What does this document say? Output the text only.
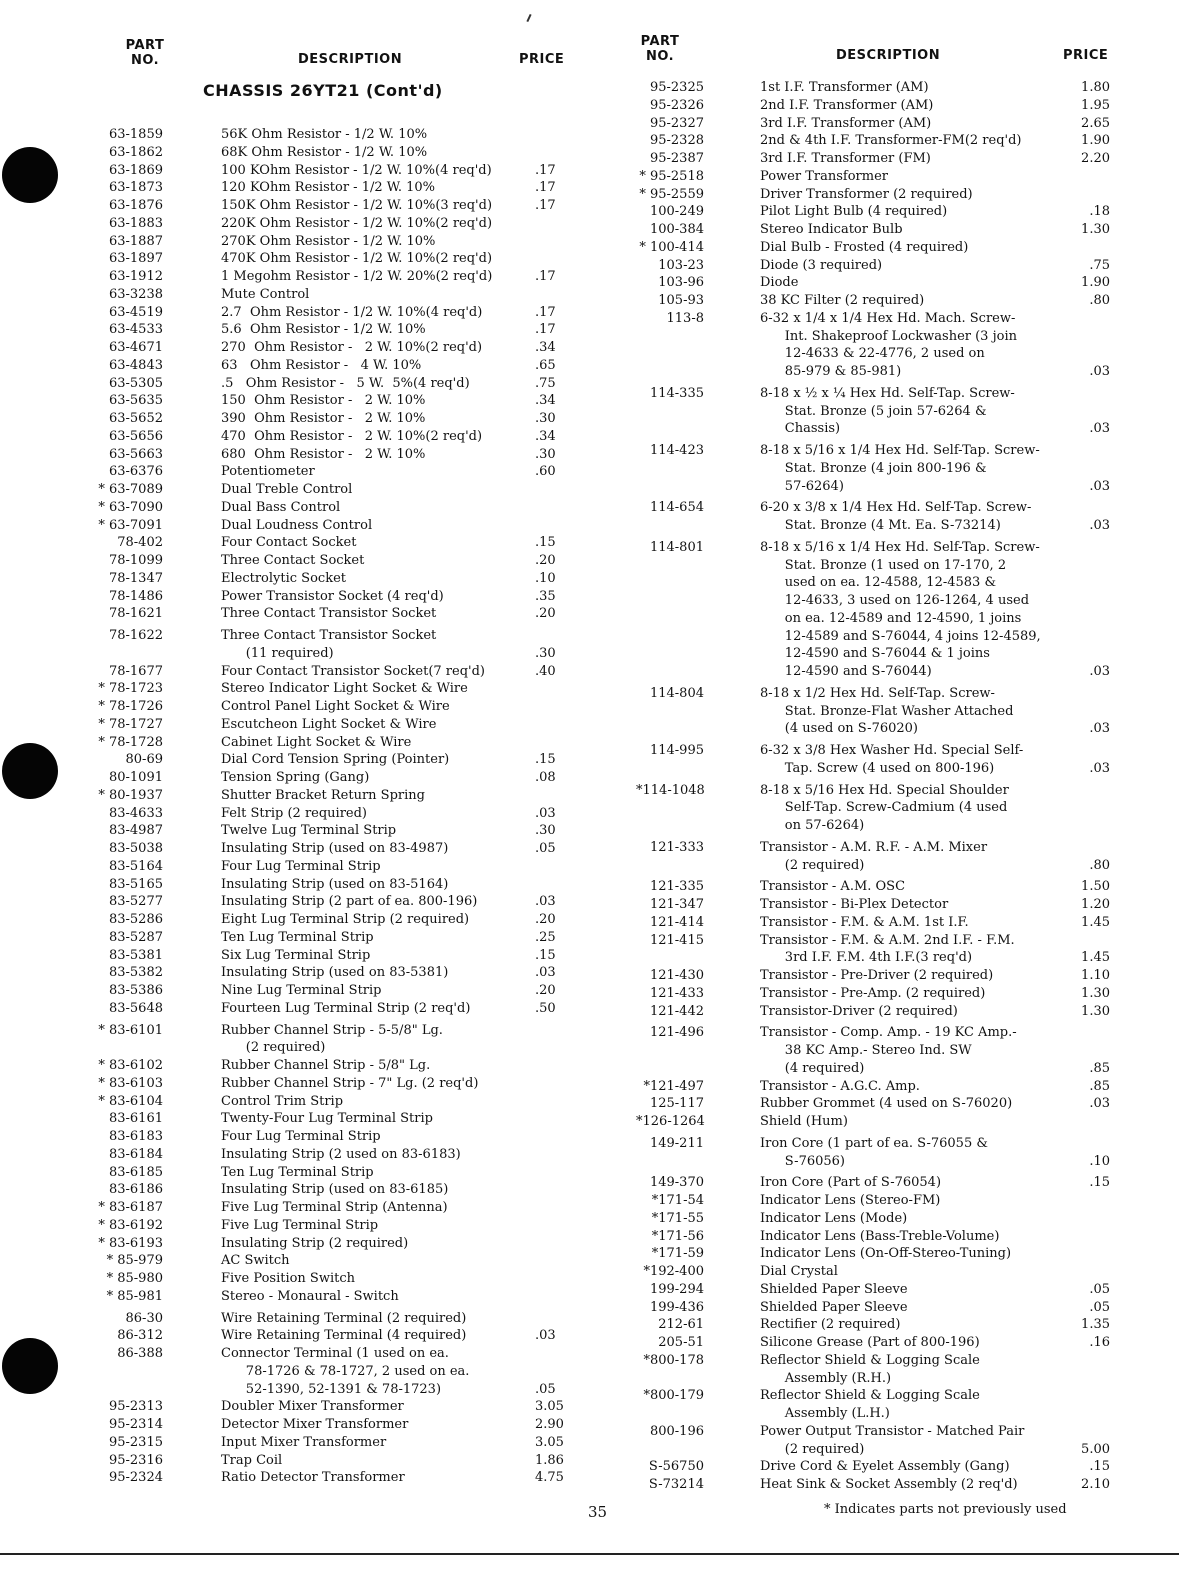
PART
NO.	DESCRIPTION	PRICE
CHASSIS 26YT21 (Cont'd)
63-1859	56K Ohm Resistor - 1/2 W. 10%
63-1862	68K Ohm Resistor - 1/2 W. 10%
63-1869	100 KOhm Resistor - 1/2 W. 10%(4 req'd)	.17
63-1873	120 KOhm Resistor - 1/2 W. 10%	.17
63-1876	150K Ohm Resistor - 1/2 W. 10%(3 req'd)	.17
63-1883	220K Ohm Resistor - 1/2 W. 10%(2 req'd)
63-1887	270K Ohm Resistor - 1/2 W. 10%
63-1897	470K Ohm Resistor - 1/2 W. 10%(2 req'd)
63-1912	1 Megohm Resistor - 1/2 W. 20%(2 req'd)	.17
63-3238	Mute Control
63-4519	2.7  Ohm Resistor - 1/2 W. 10%(4 req'd)	.17
63-4533	5.6  Ohm Resistor - 1/2 W. 10%	.17
63-4671	270  Ohm Resistor -   2 W. 10%(2 req'd)	.34
63-4843	63   Ohm Resistor -   4 W. 10%	.65
63-5305	.5   Ohm Resistor -   5 W.  5%(4 req'd)	.75
63-5635	150  Ohm Resistor -   2 W. 10%	.34
63-5652	390  Ohm Resistor -   2 W. 10%	.30
63-5656	470  Ohm Resistor -   2 W. 10%(2 req'd)	.34
63-5663	680  Ohm Resistor -   2 W. 10%	.30
63-6376	Potentiometer	.60
* 63-7089	Dual Treble Control
* 63-7090	Dual Bass Control
* 63-7091	Dual Loudness Control
78-402	Four Contact Socket	.15
78-1099	Three Contact Socket	.20
78-1347	Electrolytic Socket	.10
78-1486	Power Transistor Socket (4 req'd)	.35
78-1621	Three Contact Transistor Socket	.20
78-1622	Three Contact Transistor Socket
(11 required)	.30
78-1677	Four Contact Transistor Socket(7 req'd)	.40
* 78-1723	Stereo Indicator Light Socket & Wire
* 78-1726	Control Panel Light Socket & Wire
* 78-1727	Escutcheon Light Socket & Wire
* 78-1728	Cabinet Light Socket & Wire
80-69	Dial Cord Tension Spring (Pointer)	.15
80-1091	Tension Spring (Gang)	.08
* 80-1937	Shutter Bracket Return Spring
83-4633	Felt Strip (2 required)	.03
83-4987	Twelve Lug Terminal Strip	.30
83-5038	Insulating Strip (used on 83-4987)	.05
83-5164	Four Lug Terminal Strip
83-5165	Insulating Strip (used on 83-5164)
83-5277	Insulating Strip (2 part of ea. 800-196)	.03
83-5286	Eight Lug Terminal Strip (2 required)	.20
83-5287	Ten Lug Terminal Strip	.25
83-5381	Six Lug Terminal Strip	.15
83-5382	Insulating Strip (used on 83-5381)	.03
83-5386	Nine Lug Terminal Strip	.20
83-5648	Fourteen Lug Terminal Strip (2 req'd)	.50
* 83-6101	Rubber Channel Strip - 5-5/8" Lg.
(2 required)
* 83-6102	Rubber Channel Strip - 5/8" Lg.
* 83-6103	Rubber Channel Strip - 7" Lg. (2 req'd)
* 83-6104	Control Trim Strip
83-6161	Twenty-Four Lug Terminal Strip
83-6183	Four Lug Terminal Strip
83-6184	Insulating Strip (2 used on 83-6183)
83-6185	Ten Lug Terminal Strip
83-6186	Insulating Strip (used on 83-6185)
* 83-6187	Five Lug Terminal Strip (Antenna)
* 83-6192	Five Lug Terminal Strip
* 83-6193	Insulating Strip (2 required)
* 85-979	AC Switch
* 85-980	Five Position Switch
* 85-981	Stereo - Monaural - Switch
86-30	Wire Retaining Terminal (2 required)
86-312	Wire Retaining Terminal (4 required)	.03
86-388	Connector Terminal (1 used on ea.
78-1726 & 78-1727, 2 used on ea.
52-1390, 52-1391 & 78-1723)	.05
95-2313	Doubler Mixer Transformer	3.05
95-2314	Detector Mixer Transformer	2.90
95-2315	Input Mixer Transformer	3.05
95-2316	Trap Coil	1.86
95-2324	Ratio Detector Transformer	4.75
PART
NO.	DESCRIPTION	PRICE
95-2325	1st I.F. Transformer (AM)	1.80
95-2326	2nd I.F. Transformer (AM)	1.95
95-2327	3rd I.F. Transformer (AM)	2.65
95-2328	2nd & 4th I.F. Transformer-FM(2 req'd)	1.90
95-2387	3rd I.F. Transformer (FM)	2.20
* 95-2518	Power Transformer
* 95-2559	Driver Transformer (2 required)
100-249	Pilot Light Bulb (4 required)	.18
100-384	Stereo Indicator Bulb	1.30
* 100-414	Dial Bulb - Frosted (4 required)
103-23	Diode (3 required)	.75
103-96	Diode	1.90
105-93	38 KC Filter (2 required)	.80
113-8	6-32 x 1/4 x 1/4 Hex Hd. Mach. Screw-
Int. Shakeproof Lockwasher (3 join
12-4633 & 22-4776, 2 used on
85-979 & 85-981)	.03
114-335	8-18 x ½ x ¼ Hex Hd. Self-Tap. Screw-
Stat. Bronze (5 join 57-6264 &
Chassis)	.03
114-423	8-18 x 5/16 x 1/4 Hex Hd. Self-Tap. Screw-
Stat. Bronze (4 join 800-196 &
57-6264)	.03
114-654	6-20 x 3/8 x 1/4 Hex Hd. Self-Tap. Screw-
Stat. Bronze (4 Mt. Ea. S-73214)	.03
114-801	8-18 x 5/16 x 1/4 Hex Hd. Self-Tap. Screw-
Stat. Bronze (1 used on 17-170, 2
used on ea. 12-4588, 12-4583 &
12-4633, 3 used on 126-1264, 4 used
on ea. 12-4589 and 12-4590, 1 joins
12-4589 and S-76044, 4 joins 12-4589,
12-4590 and S-76044 & 1 joins
12-4590 and S-76044)	.03
114-804	8-18 x 1/2 Hex Hd. Self-Tap. Screw-
Stat. Bronze-Flat Washer Attached
(4 used on S-76020)	.03
114-995	6-32 x 3/8 Hex Washer Hd. Special Self-
Tap. Screw (4 used on 800-196)	.03
*114-1048	8-18 x 5/16 Hex Hd. Special Shoulder
Self-Tap. Screw-Cadmium (4 used
on 57-6264)
121-333	Transistor - A.M. R.F. - A.M. Mixer
(2 required)	.80
121-335	Transistor - A.M. OSC	1.50
121-347	Transistor - Bi-Plex Detector	1.20
121-414	Transistor - F.M. & A.M. 1st I.F.	1.45
121-415	Transistor - F.M. & A.M. 2nd I.F. - F.M.
3rd I.F. F.M. 4th I.F.(3 req'd)	1.45
121-430	Transistor - Pre-Driver (2 required)	1.10
121-433	Transistor - Pre-Amp. (2 required)	1.30
121-442	Transistor-Driver (2 required)	1.30
121-496	Transistor - Comp. Amp. - 19 KC Amp.-
38 KC Amp.- Stereo Ind. SW
(4 required)	.85
*121-497	Transistor - A.G.C. Amp.	.85
125-117	Rubber Grommet (4 used on S-76020)	.03
*126-1264	Shield (Hum)
149-211	Iron Core (1 part of ea. S-76055 &
S-76056)	.10
149-370	Iron Core (Part of S-76054)	.15
*171-54	Indicator Lens (Stereo-FM)
*171-55	Indicator Lens (Mode)
*171-56	Indicator Lens (Bass-Treble-Volume)
*171-59	Indicator Lens (On-Off-Stereo-Tuning)
*192-400	Dial Crystal
199-294	Shielded Paper Sleeve	.05
199-436	Shielded Paper Sleeve	.05
212-61	Rectifier (2 required)	1.35
205-51	Silicone Grease (Part of 800-196)	.16
*800-178	Reflector Shield & Logging Scale
Assembly (R.H.)
*800-179	Reflector Shield & Logging Scale
Assembly (L.H.)
800-196	Power Output Transistor - Matched Pair
(2 required)	5.00
S-56750	Drive Cord & Eyelet Assembly (Gang)	.15
S-73214	Heat Sink & Socket Assembly (2 req'd)	2.10
35	* Indicates parts not previously used
